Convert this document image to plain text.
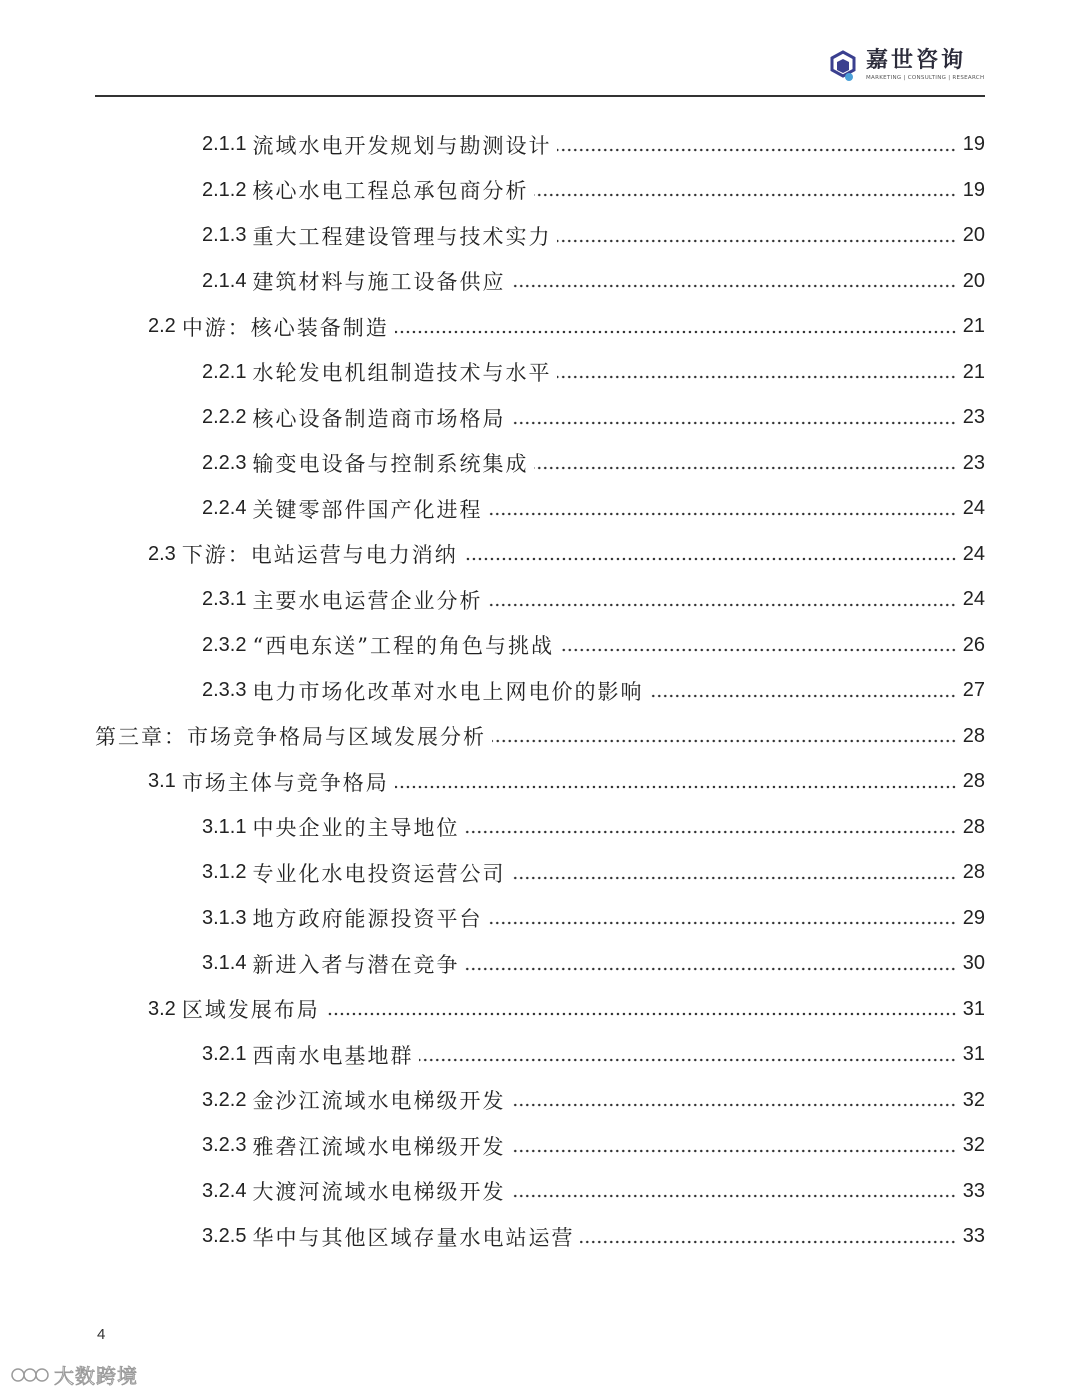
嘉世咨询
MARKETING | CONSULTING | RESEARCH
2.1.1 流域水电开发规划与勘测设计	19
2.1.2 核心水电工程总承包商分析	19
2.1.3 重大工程建设管理与技术实力	20
2.1.4 建筑材料与施工设备供应	20
2.2 中游：核心装备制造	21
2.2.1 水轮发电机组制造技术与水平	21
2.2.2 核心设备制造商市场格局	23
2.2.3 输变电设备与控制系统集成	23
2.2.4 关键零部件国产化进程	24
2.3 下游：电站运营与电力消纳	24
2.3.1 主要水电运营企业分析	24
2.3.2 “西电东送”工程的角色与挑战	26
2.3.3 电力市场化改革对水电上网电价的影响	27
第三章：市场竞争格局与区域发展分析	28
3.1 市场主体与竞争格局	28
3.1.1 中央企业的主导地位	28
3.1.2 专业化水电投资运营公司	28
3.1.3 地方政府能源投资平台	29
3.1.4 新进入者与潜在竞争	30
3.2 区域发展布局	31
3.2.1 西南水电基地群	31
3.2.2 金沙江流域水电梯级开发	32
3.2.3 雅砻江流域水电梯级开发	32
3.2.4 大渡河流域水电梯级开发	33
3.2.5 华中与其他区域存量水电站运营	33
4
大数跨境
